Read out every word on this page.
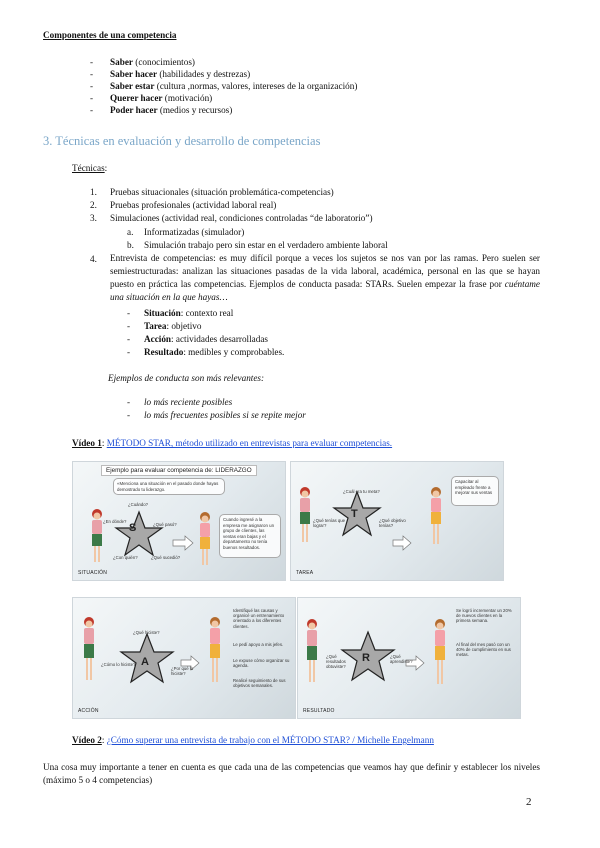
Componentes de una competencia
- Saber (conocimientos)
- Saber hacer (habilidades y destrezas)
- Saber estar (cultura ,normas, valores, intereses de la organización)
- Querer hacer (motivación)
- Poder hacer (medios y recursos)
3. Técnicas en evaluación y desarrollo de competencias
Técnicas:
1. Pruebas situacionales (situación problemática-competencias)
2. Pruebas profesionales (actividad laboral real)
3. Simulaciones (actividad real, condiciones controladas “de laboratorio”)
a. Informatizadas (simulador)
b. Simulación trabajo pero sin estar en el verdadero ambiente laboral
4. Entrevista de competencias: es muy difícil porque a veces los sujetos se nos van por las ramas. Pero suelen ser semiestructuradas: analizan las situaciones pasadas de la vida laboral, académica, personal en las que se hayan puesto en práctica las competencias. Ejemplos de conducta pasada: STARs. Suelen empezar la frase por cuéntame una situación en la que hayas…
- Situación: contexto real
- Tarea: objetivo
- Acción: actividades desarrolladas
- Resultado: medibles y comprobables.
Ejemplos de conducta son más relevantes:
- lo más reciente posibles
- lo más frecuentes posibles si se repite mejor
Vídeo 1: MÉTODO STAR, método utilizado en entrevistas para evaluar competencias.
Ejemplo para evaluar competencia de: LIDERAZGO
«Menciona una situación en el pasado donde hayas demostrado tu liderazgo.
S
¿Cuándo?
¿En dónde?
¿Qué pasó?
¿Con quién?	¿Qué sucedió?
Cuando ingresé a la empresa me asignaron un grupo de clientes, las ventas eran bajas y el departamento no tenía buenos resultados.
SITUACIÓN
T
¿Cuál era tu meta?
¿Qué tenías que lograr?
¿Qué objetivo tenías?
Capacitar al empleado frente a mejorar sus ventas
TAREA
A
¿Qué hiciste?
¿Cómo lo hiciste?
¿Por qué lo hiciste?
Identifiqué las causas y organicé un entrenamiento orientado a los diferentes clientes.
Le pedí apoyo a mis jefes.
Le expuse cómo organizar su agenda.
Realicé seguimiento de sus objetivos semanales.
ACCIÓN
R
¿Qué resultados obtuviste?
¿Qué aprendiste?
Se logró incrementar un 20% de nuevos clientes en la primera semana.
Al final del mes pasó con un 40% de cumplimiento en sus metas.
RESULTADO
Vídeo 2: ¿Cómo superar una entrevista de trabajo con el MÉTODO STAR? / Michelle Engelmann
Una cosa muy importante a tener en cuenta es que cada una de las competencias que veamos hay que definir y establecer los niveles (máximo 5 o 4 competencias)
2
